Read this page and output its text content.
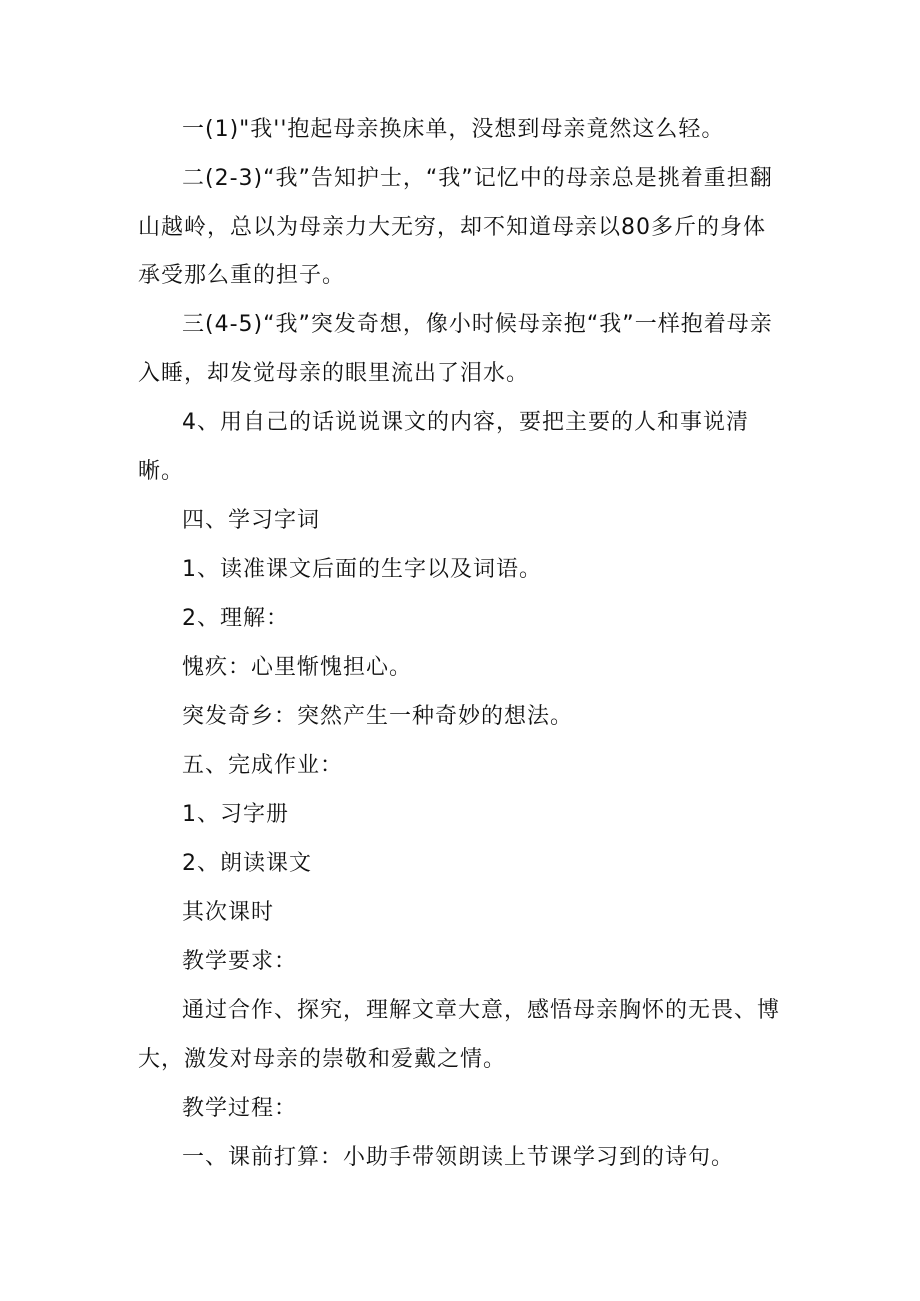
一(1)"我''抱起母亲换床单，没想到母亲竟然这么轻。

二(2-3)“我”告知护士，“我”记忆中的母亲总是挑着重担翻山越岭，总以为母亲力大无穷，却不知道母亲以80多斤的身体承受那么重的担子。

三(4-5)“我”突发奇想，像小时候母亲抱“我”一样抱着母亲入睡，却发觉母亲的眼里流出了泪水。

4、用自己的话说说课文的内容，要把主要的人和事说清晰。

四、学习字词

1、读准课文后面的生字以及词语。

2、理解：

愧疚：心里惭愧担心。

突发奇乡：突然产生一种奇妙的想法。

五、完成作业：

1、习字册

2、朗读课文

其次课时

教学要求：

通过合作、探究，理解文章大意，感悟母亲胸怀的无畏、博大，激发对母亲的崇敬和爱戴之情。

教学过程：

一、课前打算：小助手带领朗读上节课学习到的诗句。
